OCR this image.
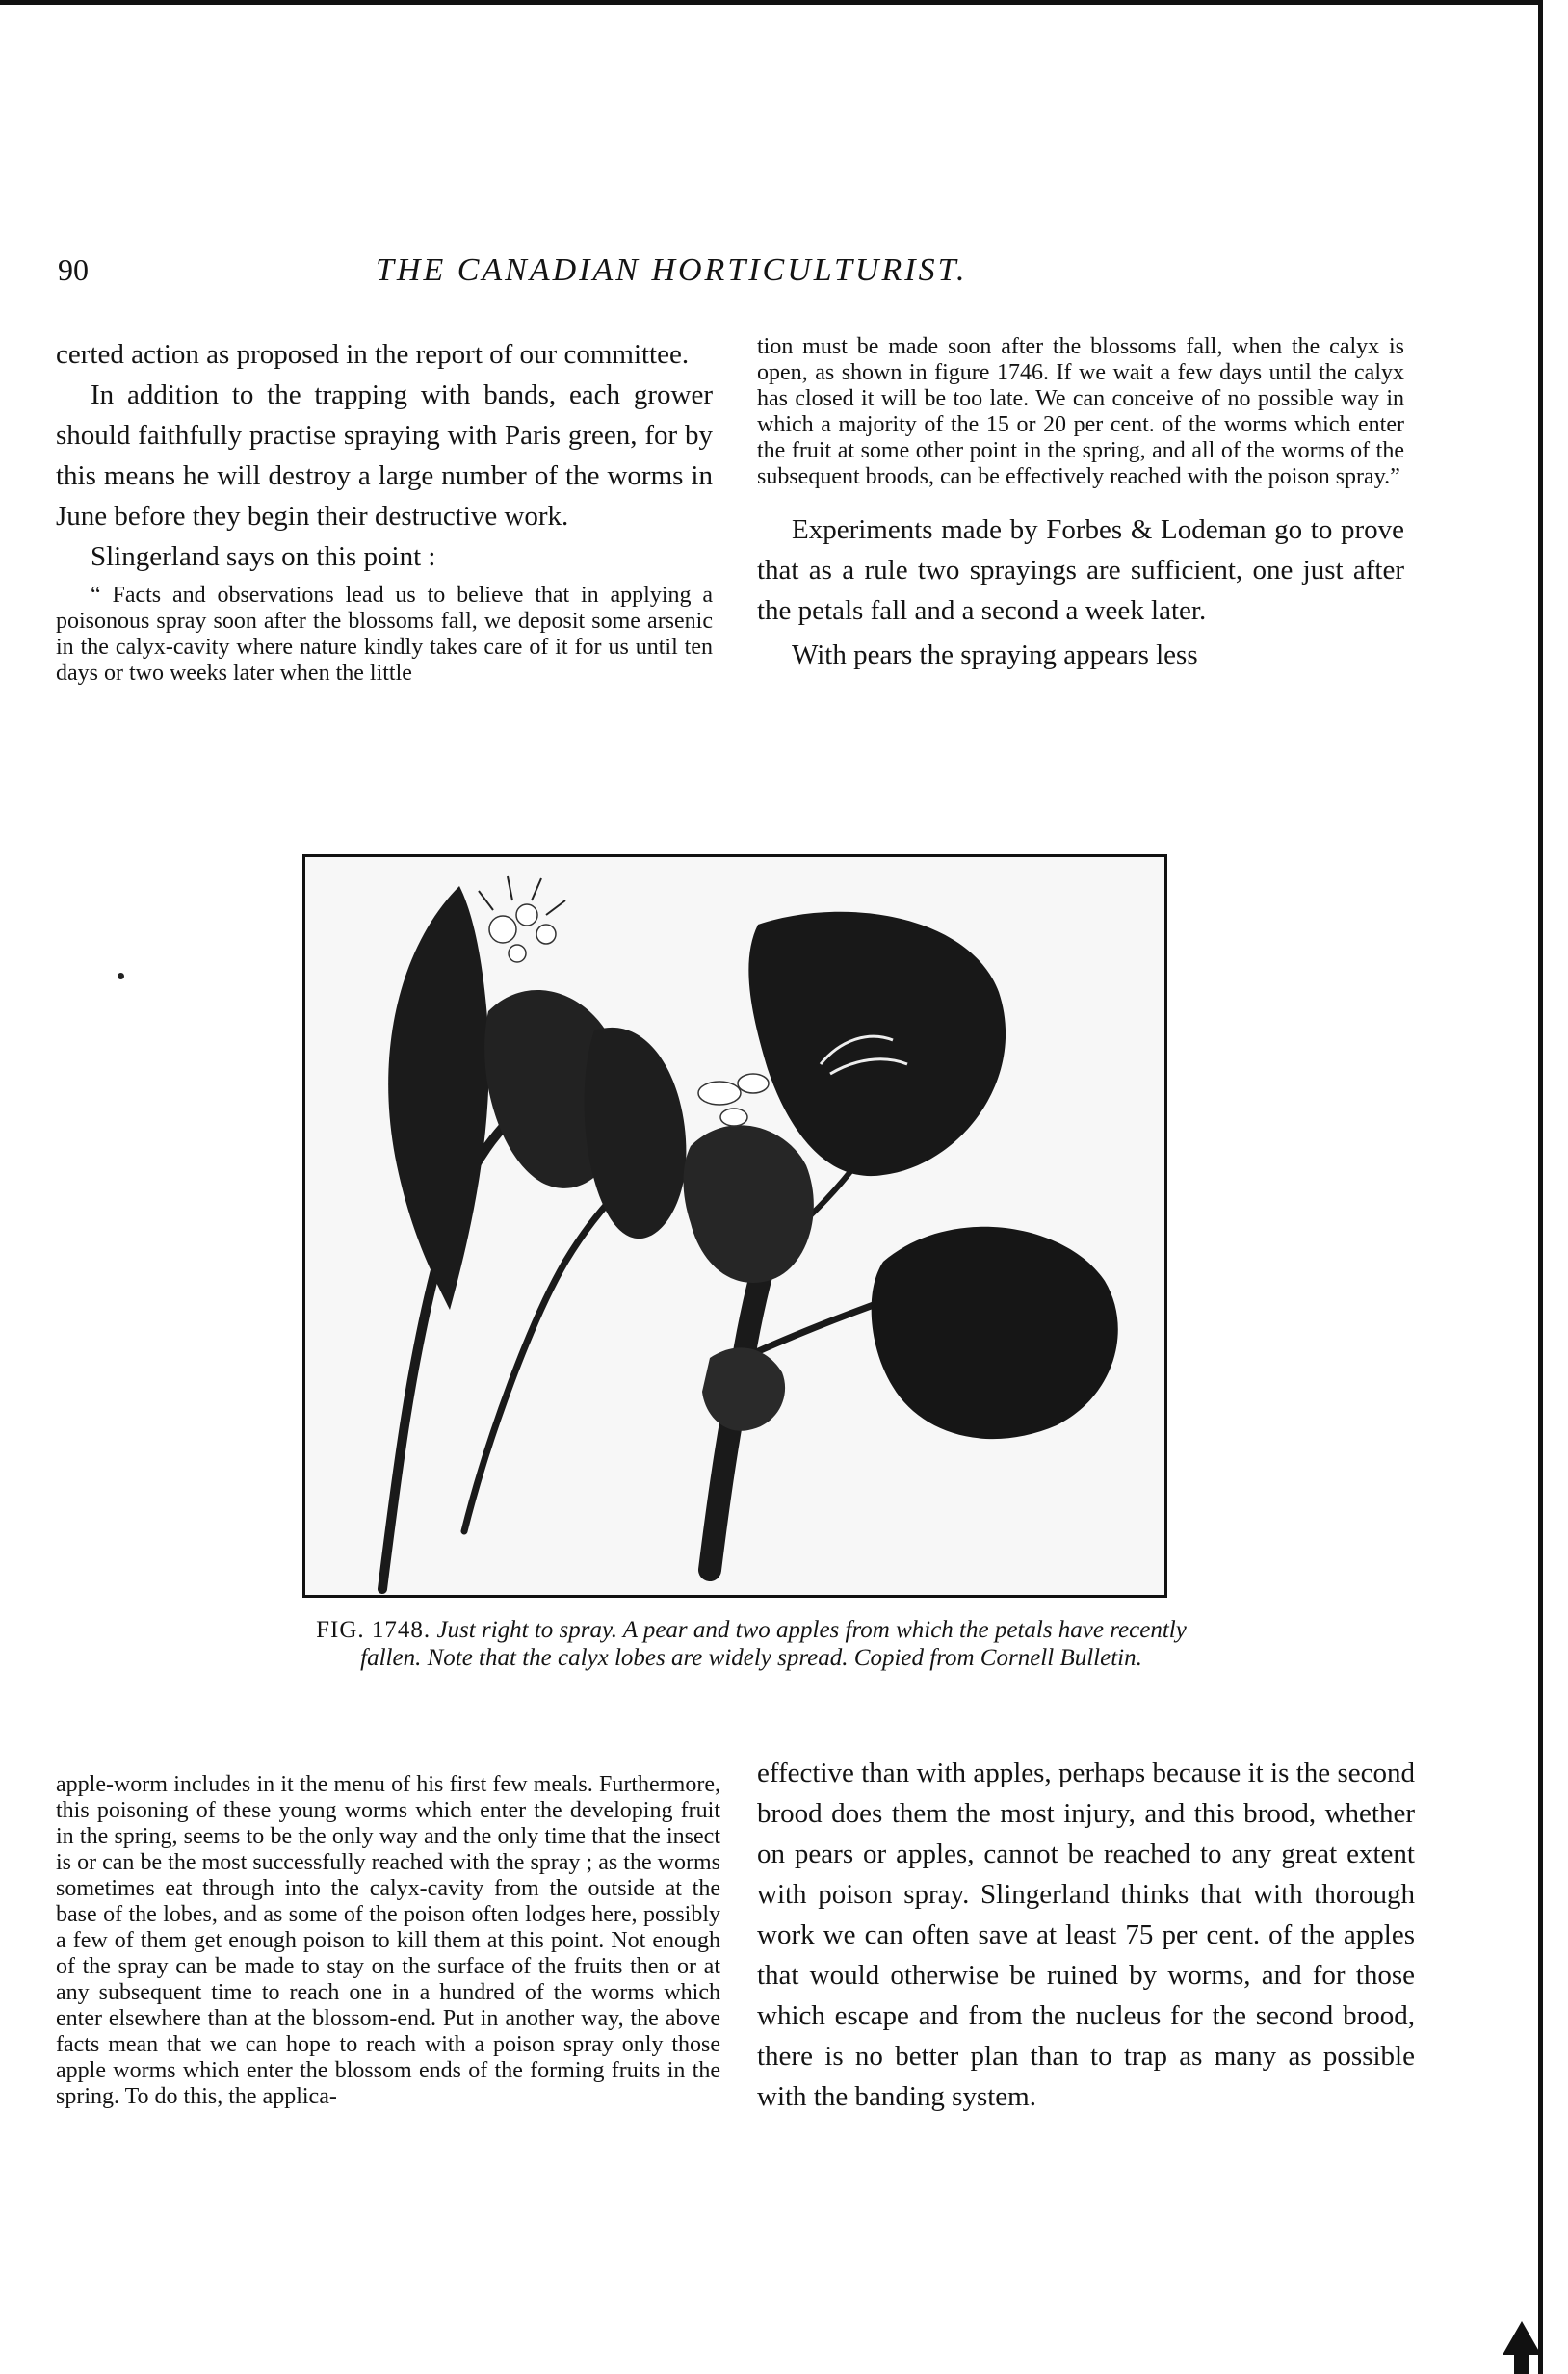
90	THE CANADIAN HORTICULTURIST.

certed action as proposed in the report of our committee.

In addition to the trapping with bands, each grower should faithfully practise spraying with Paris green, for by this means he will destroy a large number of the worms in June before they begin their destructive work.

Slingerland says on this point :

“ Facts and observations lead us to believe that in applying a poisonous spray soon after the blossoms fall, we deposit some arsenic in the calyx-cavity where nature kindly takes care of it for us until ten days or two weeks later when the little

tion must be made soon after the blossoms fall, when the calyx is open, as shown in figure 1746. If we wait a few days until the calyx has closed it will be too late. We can conceive of no possible way in which a majority of the 15 or 20 per cent. of the worms which enter the fruit at some other point in the spring, and all of the worms of the subsequent broods, can be effectively reached with the poison spray.”

Experiments made by Forbes & Lodeman go to prove that as a rule two sprayings are sufficient, one just after the petals fall and a second a week later.

With pears the spraying appears less

FIG. 1748. Just right to spray. A pear and two apples from which the petals have recently fallen. Note that the calyx lobes are widely spread. Copied from Cornell Bulletin.

apple-worm includes in it the menu of his first few meals. Furthermore, this poisoning of these young worms which enter the developing fruit in the spring, seems to be the only way and the only time that the insect is or can be the most successfully reached with the spray ; as the worms sometimes eat through into the calyx-cavity from the outside at the base of the lobes, and as some of the poison often lodges here, possibly a few of them get enough poison to kill them at this point. Not enough of the spray can be made to stay on the surface of the fruits then or at any subsequent time to reach one in a hundred of the worms which enter elsewhere than at the blossom-end. Put in another way, the above facts mean that we can hope to reach with a poison spray only those apple worms which enter the blossom ends of the forming fruits in the spring. To do this, the applica-

effective than with apples, perhaps because it is the second brood does them the most injury, and this brood, whether on pears or apples, cannot be reached to any great extent with poison spray. Slingerland thinks that with thorough work we can often save at least 75 per cent. of the apples that would otherwise be ruined by worms, and for those which escape and from the nucleus for the second brood, there is no better plan than to trap as many as possible with the banding system.
